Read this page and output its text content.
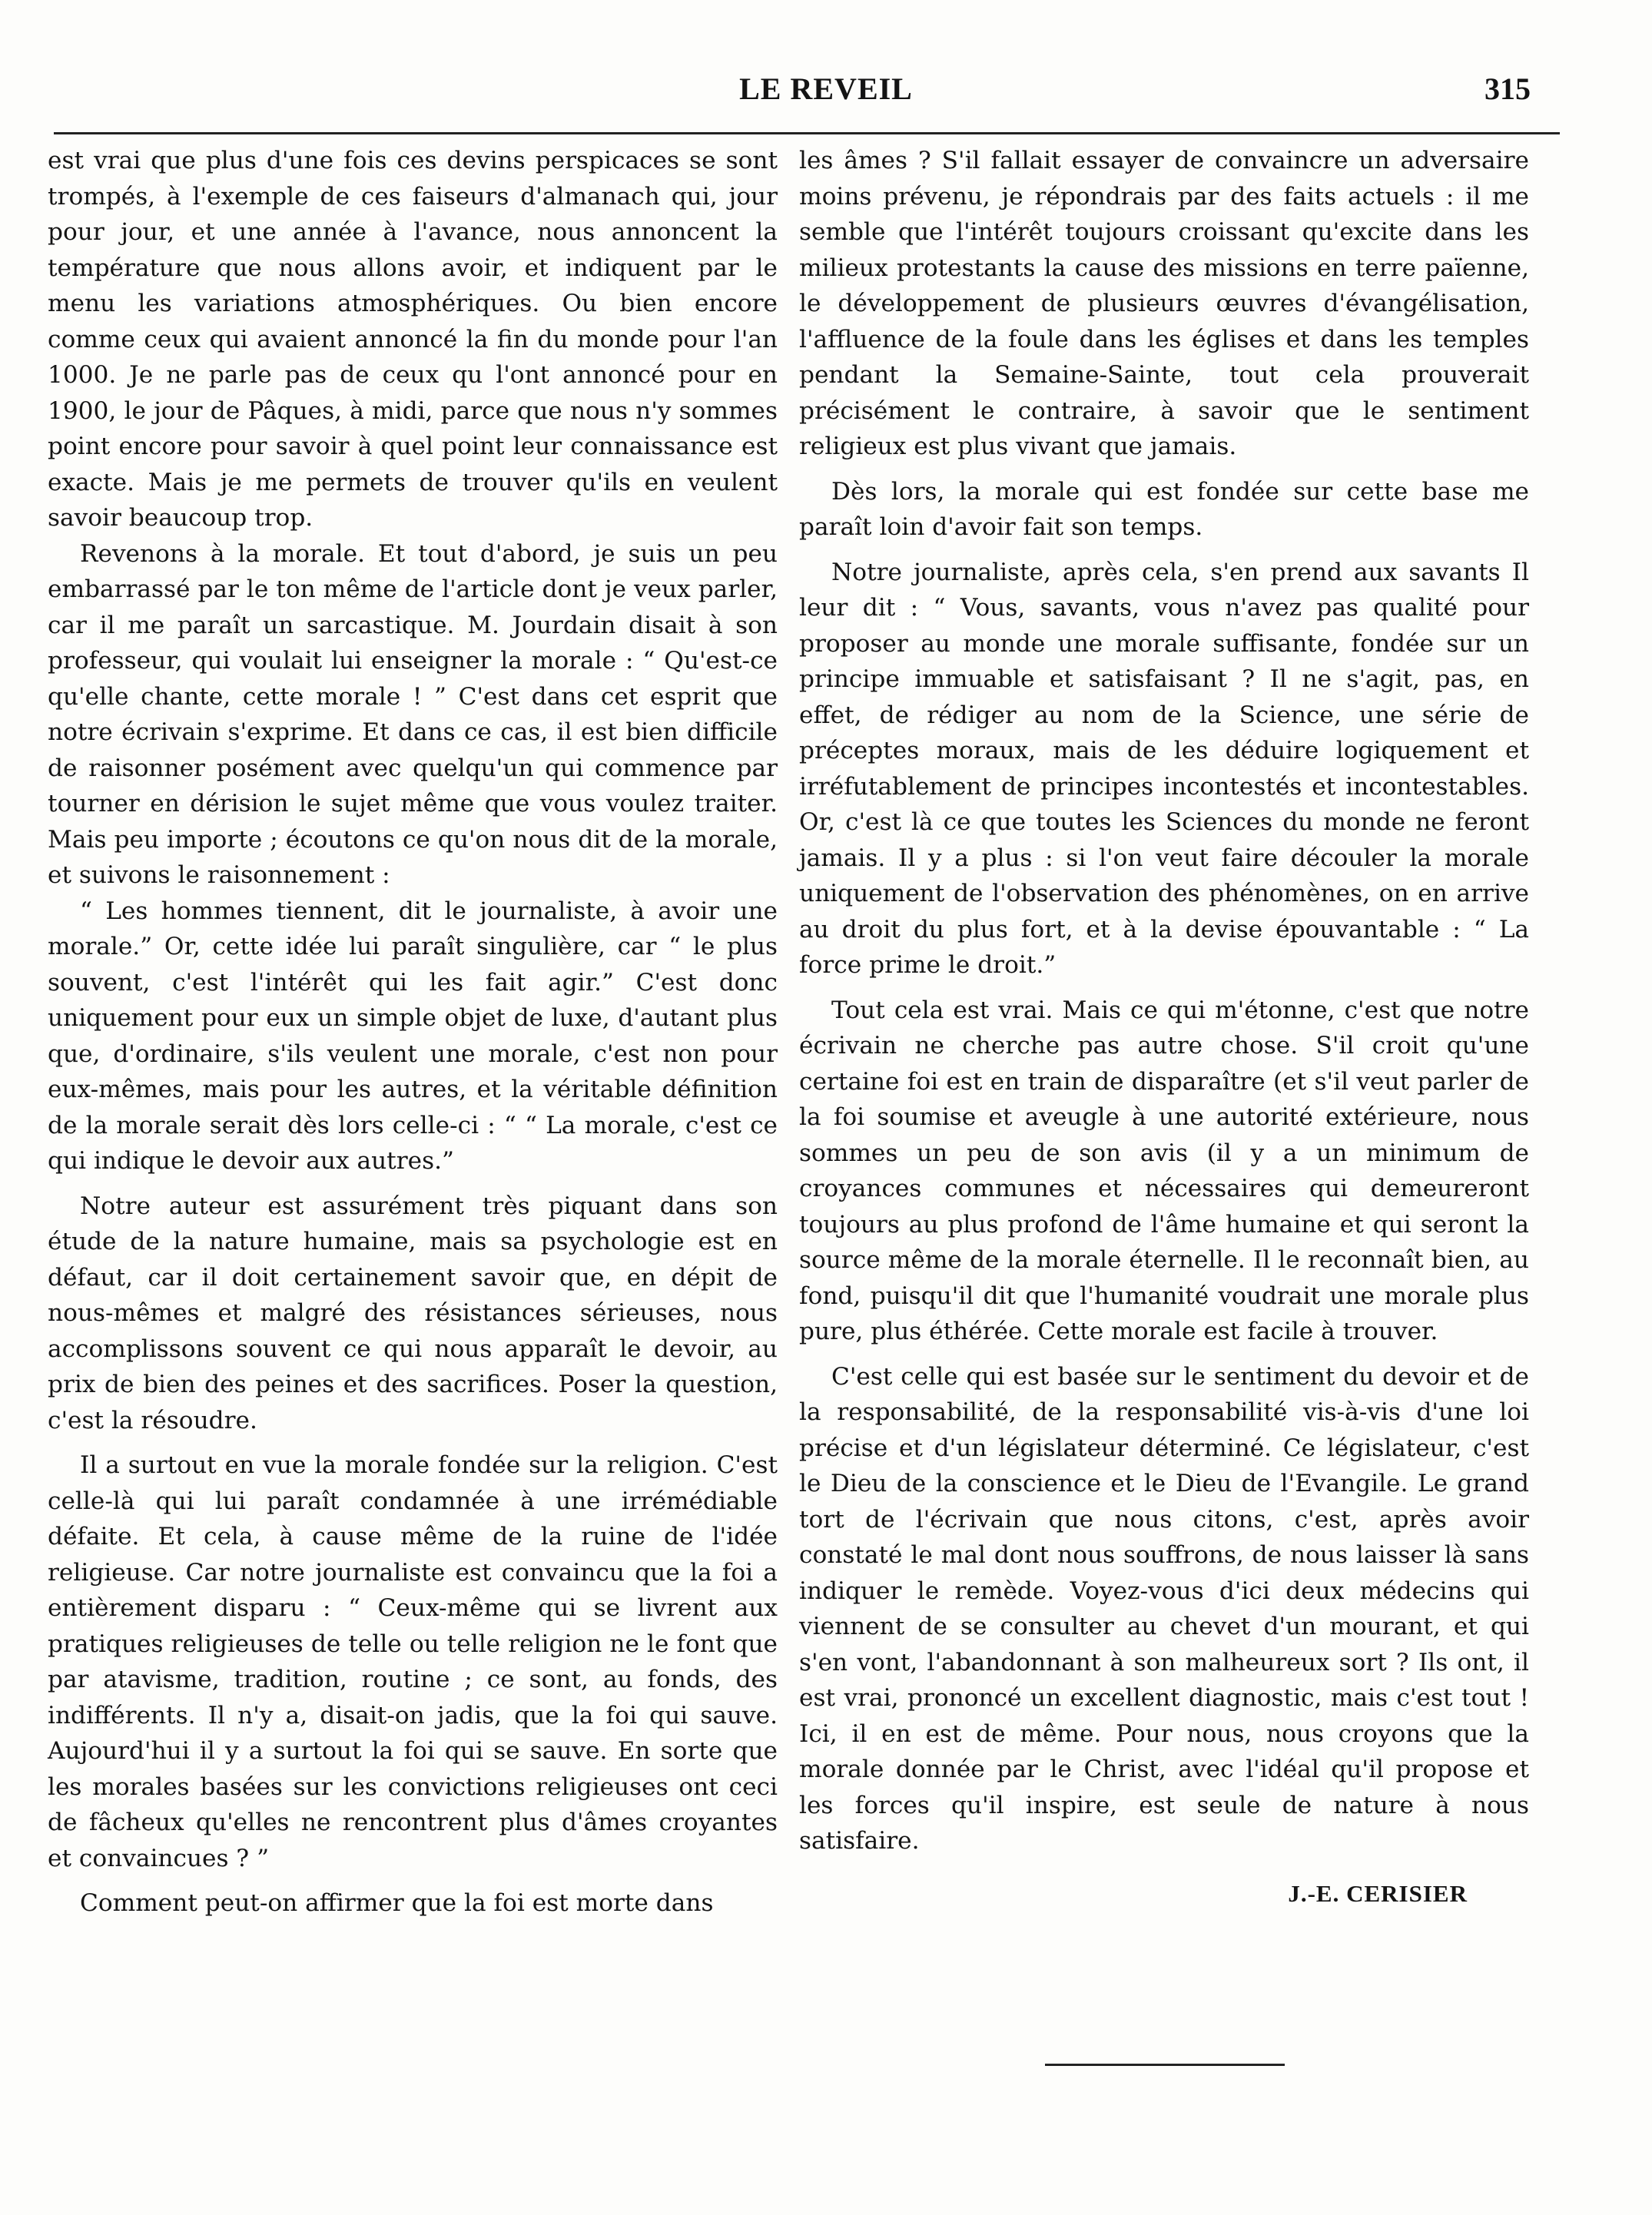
LE REVEIL	315

est vrai que plus d'une fois ces devins perspicaces se sont trompés, à l'exemple de ces faiseurs d'almanach qui, jour pour jour, et une année à l'avance, nous annoncent la température que nous allons avoir, et indiquent par le menu les variations atmosphériques. Ou bien encore comme ceux qui avaient annoncé la fin du monde pour l'an 1000. Je ne parle pas de ceux qu l'ont annoncé pour en 1900, le jour de Pâques, à midi, parce que nous n'y sommes point encore pour savoir à quel point leur connaissance est exacte. Mais je me permets de trouver qu'ils en veulent savoir beaucoup trop.

Revenons à la morale. Et tout d'abord, je suis un peu embarrassé par le ton même de l'article dont je veux parler, car il me paraît un sarcastique. M. Jourdain disait à son professeur, qui voulait lui enseigner la morale : “ Qu'est-ce qu'elle chante, cette morale ! ” C'est dans cet esprit que notre écrivain s'exprime. Et dans ce cas, il est bien difficile de raisonner posément avec quelqu'un qui commence par tourner en dérision le sujet même que vous voulez traiter. Mais peu importe ; écoutons ce qu'on nous dit de la morale, et suivons le raisonnement :

“ Les hommes tiennent, dit le journaliste, à avoir une morale.” Or, cette idée lui paraît singulière, car “ le plus souvent, c'est l'intérêt qui les fait agir.” C'est donc uniquement pour eux un simple objet de luxe, d'autant plus que, d'ordinaire, s'ils veulent une morale, c'est non pour eux-mêmes, mais pour les autres, et la véritable définition de la morale serait dès lors celle-ci : “ “ La morale, c'est ce qui indique le devoir aux autres.”

Notre auteur est assurément très piquant dans son étude de la nature humaine, mais sa psychologie est en défaut, car il doit certainement savoir que, en dépit de nous-mêmes et malgré des résistances sérieuses, nous accomplissons souvent ce qui nous apparaît le devoir, au prix de bien des peines et des sacrifices. Poser la question, c'est la résoudre.

Il a surtout en vue la morale fondée sur la religion. C'est celle-là qui lui paraît condamnée à une irrémédiable défaite. Et cela, à cause même de la ruine de l'idée religieuse. Car notre journaliste est convaincu que la foi a entièrement disparu : “ Ceux-même qui se livrent aux pratiques religieuses de telle ou telle religion ne le font que par atavisme, tradition, routine ; ce sont, au fonds, des indifférents. Il n'y a, disait-on jadis, que la foi qui sauve. Aujourd'hui il y a surtout la foi qui se sauve. En sorte que les morales basées sur les convictions religieuses ont ceci de fâcheux qu'elles ne rencontrent plus d'âmes croyantes et convaincues ? ”

Comment peut-on affirmer que la foi est morte dans

les âmes ? S'il fallait essayer de convaincre un adversaire moins prévenu, je répondrais par des faits actuels : il me semble que l'intérêt toujours croissant qu'excite dans les milieux protestants la cause des missions en terre païenne, le développement de plusieurs œuvres d'évangélisation, l'affluence de la foule dans les églises et dans les temples pendant la Semaine-Sainte, tout cela prouverait précisément le contraire, à savoir que le sentiment religieux est plus vivant que jamais.

Dès lors, la morale qui est fondée sur cette base me paraît loin d'avoir fait son temps.

Notre journaliste, après cela, s'en prend aux savants Il leur dit : “ Vous, savants, vous n'avez pas qualité pour proposer au monde une morale suffisante, fondée sur un principe immuable et satisfaisant ? Il ne s'agit, pas, en effet, de rédiger au nom de la Science, une série de préceptes moraux, mais de les déduire logiquement et irréfutablement de principes incontestés et incontestables. Or, c'est là ce que toutes les Sciences du monde ne feront jamais. Il y a plus : si l'on veut faire découler la morale uniquement de l'observation des phénomènes, on en arrive au droit du plus fort, et à la devise épouvantable : “ La force prime le droit.”

Tout cela est vrai. Mais ce qui m'étonne, c'est que notre écrivain ne cherche pas autre chose. S'il croit qu'une certaine foi est en train de disparaître (et s'il veut parler de la foi soumise et aveugle à une autorité extérieure, nous sommes un peu de son avis (il y a un minimum de croyances communes et nécessaires qui demeureront toujours au plus profond de l'âme humaine et qui seront la source même de la morale éternelle. Il le reconnaît bien, au fond, puisqu'il dit que l'humanité voudrait une morale plus pure, plus éthérée. Cette morale est facile à trouver.

C'est celle qui est basée sur le sentiment du devoir et de la responsabilité, de la responsabilité vis-à-vis d'une loi précise et d'un législateur déterminé. Ce législateur, c'est le Dieu de la conscience et le Dieu de l'Evangile. Le grand tort de l'écrivain que nous citons, c'est, après avoir constaté le mal dont nous souffrons, de nous laisser là sans indiquer le remède. Voyez-vous d'ici deux médecins qui viennent de se consulter au chevet d'un mourant, et qui s'en vont, l'abandonnant à son malheureux sort ? Ils ont, il est vrai, prononcé un excellent diagnostic, mais c'est tout ! Ici, il en est de même. Pour nous, nous croyons que la morale donnée par le Christ, avec l'idéal qu'il propose et les forces qu'il inspire, est seule de nature à nous satisfaire.

J.-E. CERISIER
